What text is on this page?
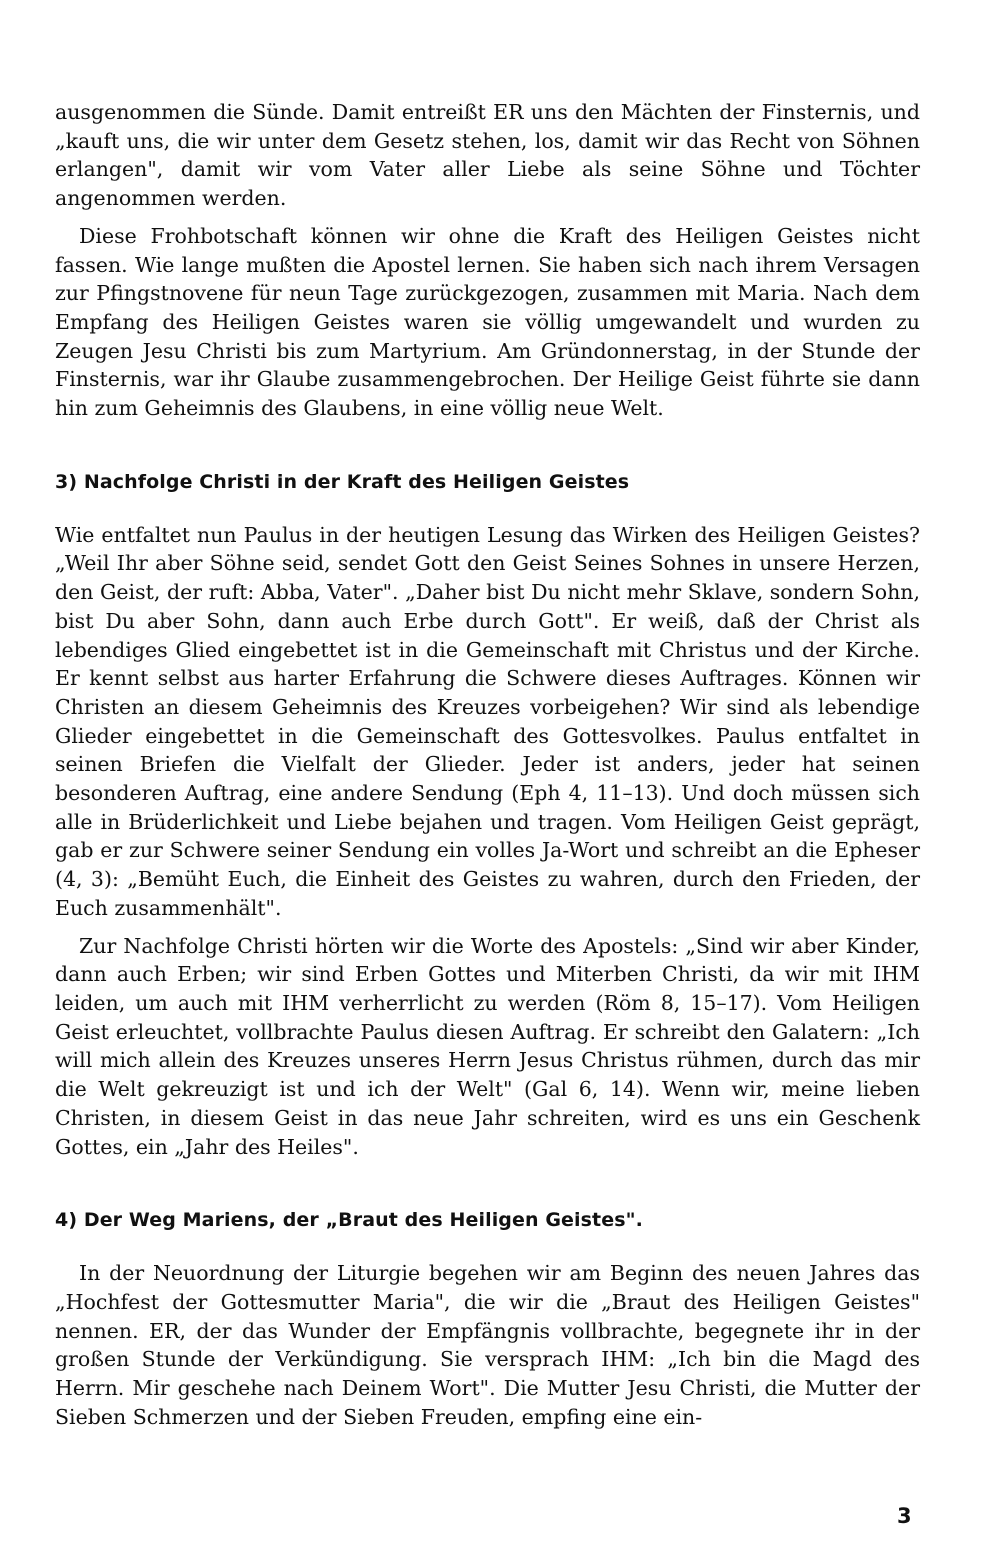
ausgenommen die Sünde. Damit entreißt ER uns den Mächten der Finsternis, und „kauft uns, die wir unter dem Gesetz stehen, los, damit wir das Recht von Söhnen erlangen", damit wir vom Vater aller Liebe als seine Söhne und Töchter angenommen werden.

Diese Frohbotschaft können wir ohne die Kraft des Heiligen Geistes nicht fassen. Wie lange mußten die Apostel lernen. Sie haben sich nach ihrem Versagen zur Pfingstnovene für neun Tage zurückgezogen, zusammen mit Maria. Nach dem Empfang des Heiligen Geistes waren sie völlig umgewandelt und wurden zu Zeugen Jesu Christi bis zum Martyrium. Am Gründonnerstag, in der Stunde der Finsternis, war ihr Glaube zusammengebrochen. Der Heilige Geist führte sie dann hin zum Geheimnis des Glaubens, in eine völlig neue Welt.

3) Nachfolge Christi in der Kraft des Heiligen Geistes

Wie entfaltet nun Paulus in der heutigen Lesung das Wirken des Heiligen Geistes? „Weil Ihr aber Söhne seid, sendet Gott den Geist Seines Sohnes in unsere Herzen, den Geist, der ruft: Abba, Vater". „Daher bist Du nicht mehr Sklave, sondern Sohn, bist Du aber Sohn, dann auch Erbe durch Gott". Er weiß, daß der Christ als lebendiges Glied eingebettet ist in die Gemeinschaft mit Christus und der Kirche. Er kennt selbst aus harter Erfahrung die Schwere dieses Auftrages. Können wir Christen an diesem Geheimnis des Kreuzes vorbeigehen? Wir sind als lebendige Glieder eingebettet in die Gemeinschaft des Gottesvolkes. Paulus entfaltet in seinen Briefen die Vielfalt der Glieder. Jeder ist anders, jeder hat seinen besonderen Auftrag, eine andere Sendung (Eph 4, 11–13). Und doch müssen sich alle in Brüderlichkeit und Liebe bejahen und tragen. Vom Heiligen Geist geprägt, gab er zur Schwere seiner Sendung ein volles Ja-Wort und schreibt an die Epheser (4, 3): „Bemüht Euch, die Einheit des Geistes zu wahren, durch den Frieden, der Euch zusammenhält".

Zur Nachfolge Christi hörten wir die Worte des Apostels: „Sind wir aber Kinder, dann auch Erben; wir sind Erben Gottes und Miterben Christi, da wir mit IHM leiden, um auch mit IHM verherrlicht zu werden (Röm 8, 15–17). Vom Heiligen Geist erleuchtet, vollbrachte Paulus diesen Auftrag. Er schreibt den Galatern: „Ich will mich allein des Kreuzes unseres Herrn Jesus Christus rühmen, durch das mir die Welt gekreuzigt ist und ich der Welt" (Gal 6, 14). Wenn wir, meine lieben Christen, in diesem Geist in das neue Jahr schreiten, wird es uns ein Geschenk Gottes, ein „Jahr des Heiles".

4) Der Weg Mariens, der „Braut des Heiligen Geistes".

In der Neuordnung der Liturgie begehen wir am Beginn des neuen Jahres das „Hochfest der Gottesmutter Maria", die wir die „Braut des Heiligen Geistes" nennen. ER, der das Wunder der Empfängnis vollbrachte, begegnete ihr in der großen Stunde der Verkündigung. Sie versprach IHM: „Ich bin die Magd des Herrn. Mir geschehe nach Deinem Wort". Die Mutter Jesu Christi, die Mutter der Sieben Schmerzen und der Sieben Freuden, empfing eine ein-

3
